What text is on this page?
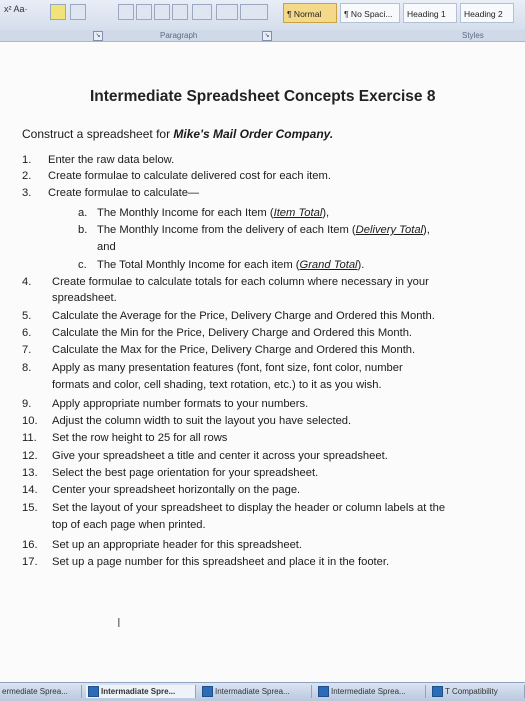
x² Aa·	¶ Normal	¶ No Spaci...	Heading 1	Heading 2
↘	Paragraph	↘	Styles
Intermediate Spreadsheet Concepts Exercise 8
Construct a spreadsheet for Mike's Mail Order Company.
1. Enter the raw data below.
2. Create formulae to calculate delivered cost for each item.
3. Create formulae to calculate—
a. The Monthly Income for each Item (Item Total),
b. The Monthly Income from the delivery of each Item (Delivery Total),
and
c. The Total Monthly Income for each item (Grand Total).
4. Create formulae to calculate totals for each column where necessary in your
spreadsheet.
5. Calculate the Average for the Price, Delivery Charge and Ordered this Month.
6. Calculate the Min for the Price, Delivery Charge and Ordered this Month.
7. Calculate the Max for the Price, Delivery Charge and Ordered this Month.
8. Apply as many presentation features (font, font size, font color, number
formats and color, cell shading, text rotation, etc.) to it as you wish.
9. Apply appropriate number formats to your numbers.
10. Adjust the column width to suit the layout you have selected.
11. Set the row height to 25 for all rows
12. Give your spreadsheet a title and center it across your spreadsheet.
13. Select the best page orientation for your spreadsheet.
14. Center your spreadsheet horizontally on the page.
15. Set the layout of your spreadsheet to display the header or column labels at the
top of each page when printed.
16. Set up an appropriate header for this spreadsheet.
17. Set up a page number for this spreadsheet and place it in the footer.
I
ermediate Sprea...	Intermadiate Spre...	Intermadiate Sprea...	Intermediate Sprea...	T Compatibility
